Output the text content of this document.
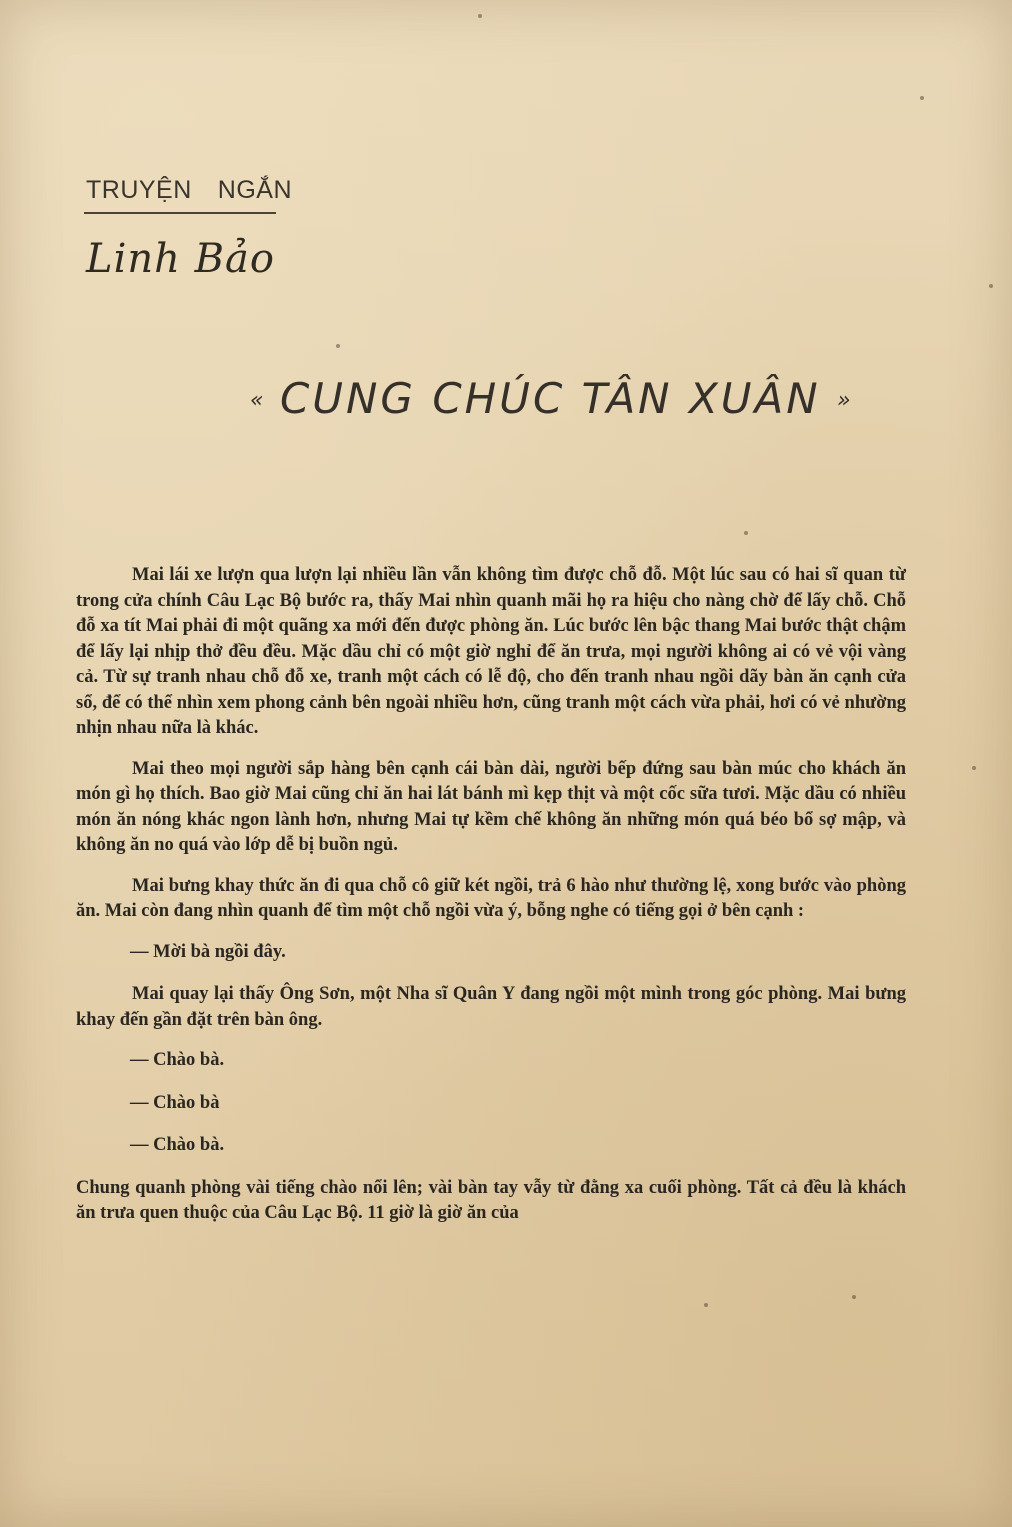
TRUYỆN NGẮN
Linh Bảo
« CUNG CHÚC TÂN XUÂN »

Mai lái xe lượn qua lượn lại nhiều lần vẫn không tìm được chỗ đỗ. Một lúc sau có hai sĩ quan từ trong cửa chính Câu Lạc Bộ bước ra, thấy Mai nhìn quanh mãi họ ra hiệu cho nàng chờ để lấy chỗ. Chỗ đỗ xa tít Mai phải đi một quãng xa mới đến được phòng ăn. Lúc bước lên bậc thang Mai bước thật chậm để lấy lại nhịp thở đều đều. Mặc dầu chỉ có một giờ nghỉ để ăn trưa, mọi người không ai có vẻ vội vàng cả. Từ sự tranh nhau chỗ đỗ xe, tranh một cách có lễ độ, cho đến tranh nhau ngồi dãy bàn ăn cạnh cửa sổ, để có thể nhìn xem phong cảnh bên ngoài nhiều hơn, cũng tranh một cách vừa phải, hơi có vẻ nhường nhịn nhau nữa là khác.

Mai theo mọi người sắp hàng bên cạnh cái bàn dài, người bếp đứng sau bàn múc cho khách ăn món gì họ thích. Bao giờ Mai cũng chỉ ăn hai lát bánh mì kẹp thịt và một cốc sữa tươi. Mặc dầu có nhiều món ăn nóng khác ngon lành hơn, nhưng Mai tự kềm chế không ăn những món quá béo bổ sợ mập, và không ăn no quá vào lớp dễ bị buồn ngủ.

Mai bưng khay thức ăn đi qua chỗ cô giữ két ngồi, trả 6 hào như thường lệ, xong bước vào phòng ăn. Mai còn đang nhìn quanh để tìm một chỗ ngồi vừa ý, bỗng nghe có tiếng gọi ở bên cạnh :

— Mời bà ngồi đây.

Mai quay lại thấy Ông Sơn, một Nha sĩ Quân Y đang ngồi một mình trong góc phòng. Mai bưng khay đến gần đặt trên bàn ông.

— Chào bà.

— Chào bà

— Chào bà.

Chung quanh phòng vài tiếng chào nổi lên; vài bàn tay vẫy từ đằng xa cuối phòng. Tất cả đều là khách ăn trưa quen thuộc của Câu Lạc Bộ. 11 giờ là giờ ăn của
